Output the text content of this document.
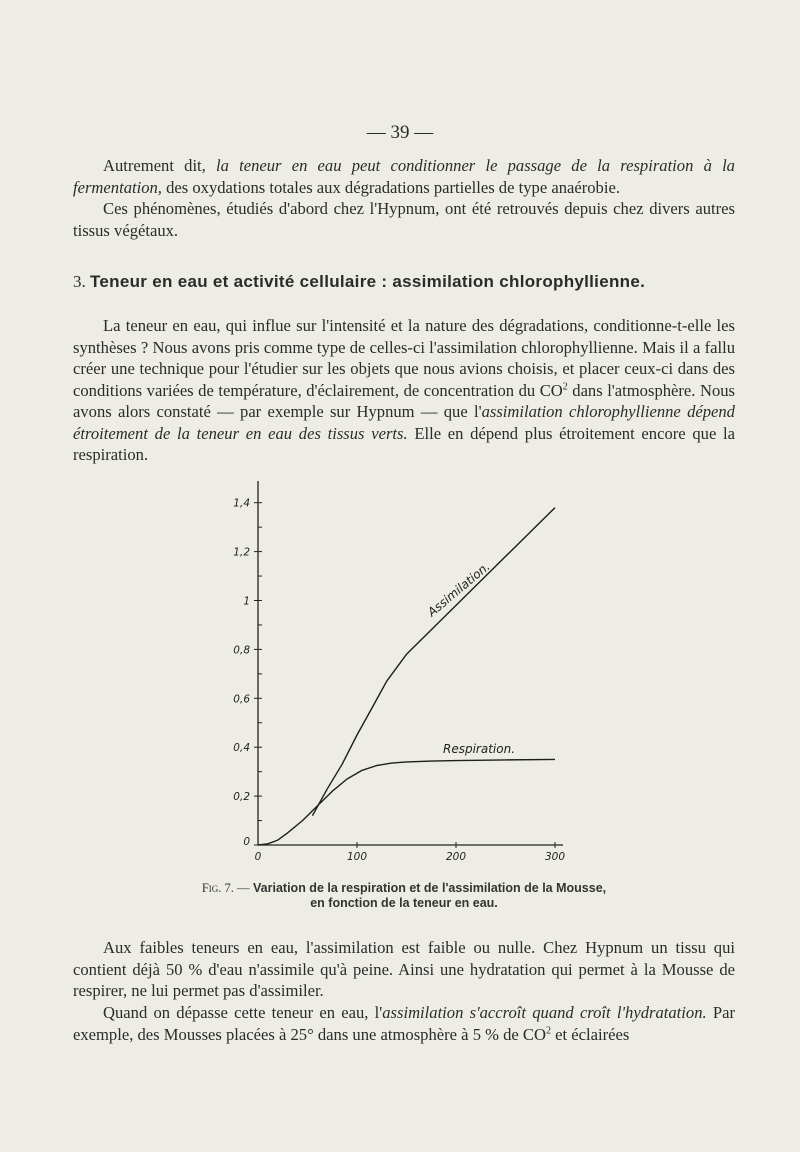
— 39 —
Autrement dit, la teneur en eau peut conditionner le passage de la respiration à la fermentation, des oxydations totales aux dégradations partielles de type anaérobie.
Ces phénomènes, étudiés d'abord chez l'Hypnum, ont été retrouvés depuis chez divers autres tissus végétaux.
3. Teneur en eau et activité cellulaire : assimilation chlorophyllienne.
La teneur en eau, qui influe sur l'intensité et la nature des dégradations, conditionne-t-elle les synthèses ? Nous avons pris comme type de celles-ci l'assimilation chlorophyllienne. Mais il a fallu créer une technique pour l'étudier sur les objets que nous avions choisis, et placer ceux-ci dans des conditions variées de température, d'éclairement, de concentration du $CO^2$ dans l'atmosphère. Nous avons alors constaté — par exemple sur Hypnum — que l'assimilation chlorophyllienne dépend étroitement de la teneur en eau des tissus verts. Elle en dépend plus étroitement encore que la respiration.
0
0,2
0,4
0,6
0,8
1
1,2
1,4
0	100	200	300
Assimilation.
Respiration.
Fig. 7. — Variation de la respiration et de l'assimilation de la Mousse,
en fonction de la teneur en eau.
Aux faibles teneurs en eau, l'assimilation est faible ou nulle. Chez Hypnum un tissu qui contient déjà 50 % d'eau n'assimile qu'à peine. Ainsi une hydratation qui permet à la Mousse de respirer, ne lui permet pas d'assimiler.
Quand on dépasse cette teneur en eau, l'assimilation s'accroît quand croît l'hydratation. Par exemple, des Mousses placées à 25° dans une atmosphère à 5 % de $CO^2$ et éclairées
